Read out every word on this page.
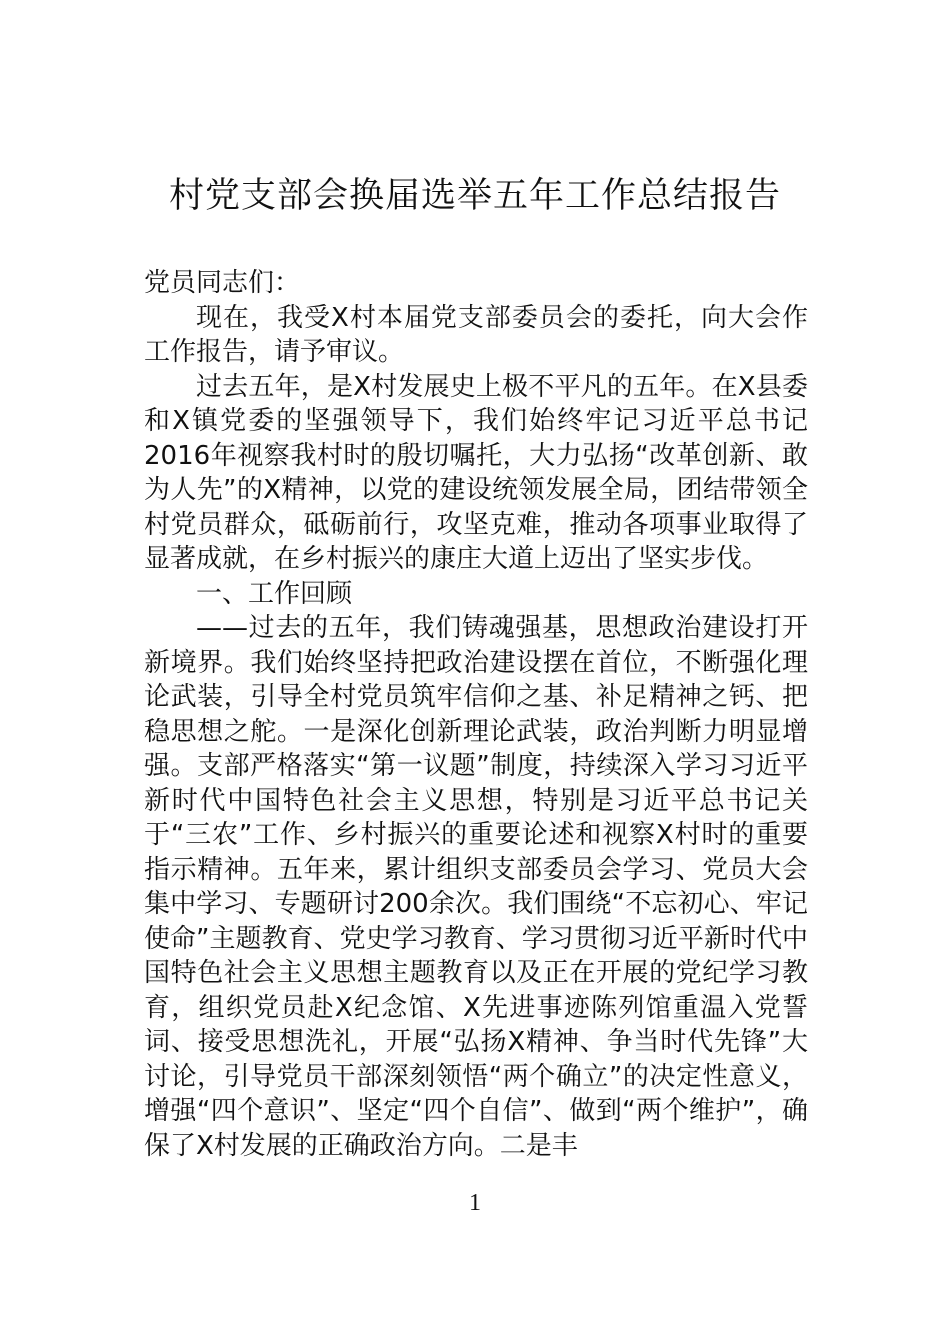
村党支部会换届选举五年工作总结报告

党员同志们：

现在，我受X村本届党支部委员会的委托，向大会作工作报告，请予审议。

过去五年，是X村发展史上极不平凡的五年。在X县委和X镇党委的坚强领导下，我们始终牢记习近平总书记2016年视察我村时的殷切嘱托，大力弘扬“改革创新、敢为人先”的X精神，以党的建设统领发展全局，团结带领全村党员群众，砥砺前行，攻坚克难，推动各项事业取得了显著成就，在乡村振兴的康庄大道上迈出了坚实步伐。

一、工作回顾

——过去的五年，我们铸魂强基，思想政治建设打开新境界。我们始终坚持把政治建设摆在首位，不断强化理论武装，引导全村党员筑牢信仰之基、补足精神之钙、把稳思想之舵。一是深化创新理论武装，政治判断力明显增强。支部严格落实“第一议题”制度，持续深入学习习近平新时代中国特色社会主义思想，特别是习近平总书记关于“三农”工作、乡村振兴的重要论述和视察X村时的重要指示精神。五年来，累计组织支部委员会学习、党员大会集中学习、专题研讨200余次。我们围绕“不忘初心、牢记使命”主题教育、党史学习教育、学习贯彻习近平新时代中国特色社会主义思想主题教育以及正在开展的党纪学习教育，组织党员赴X纪念馆、X先进事迹陈列馆重温入党誓词、接受思想洗礼，开展“弘扬X精神、争当时代先锋”大讨论，引导党员干部深刻领悟“两个确立”的决定性意义，增强“四个意识”、坚定“四个自信”、做到“两个维护”，确保了X村发展的正确政治方向。二是丰

1
